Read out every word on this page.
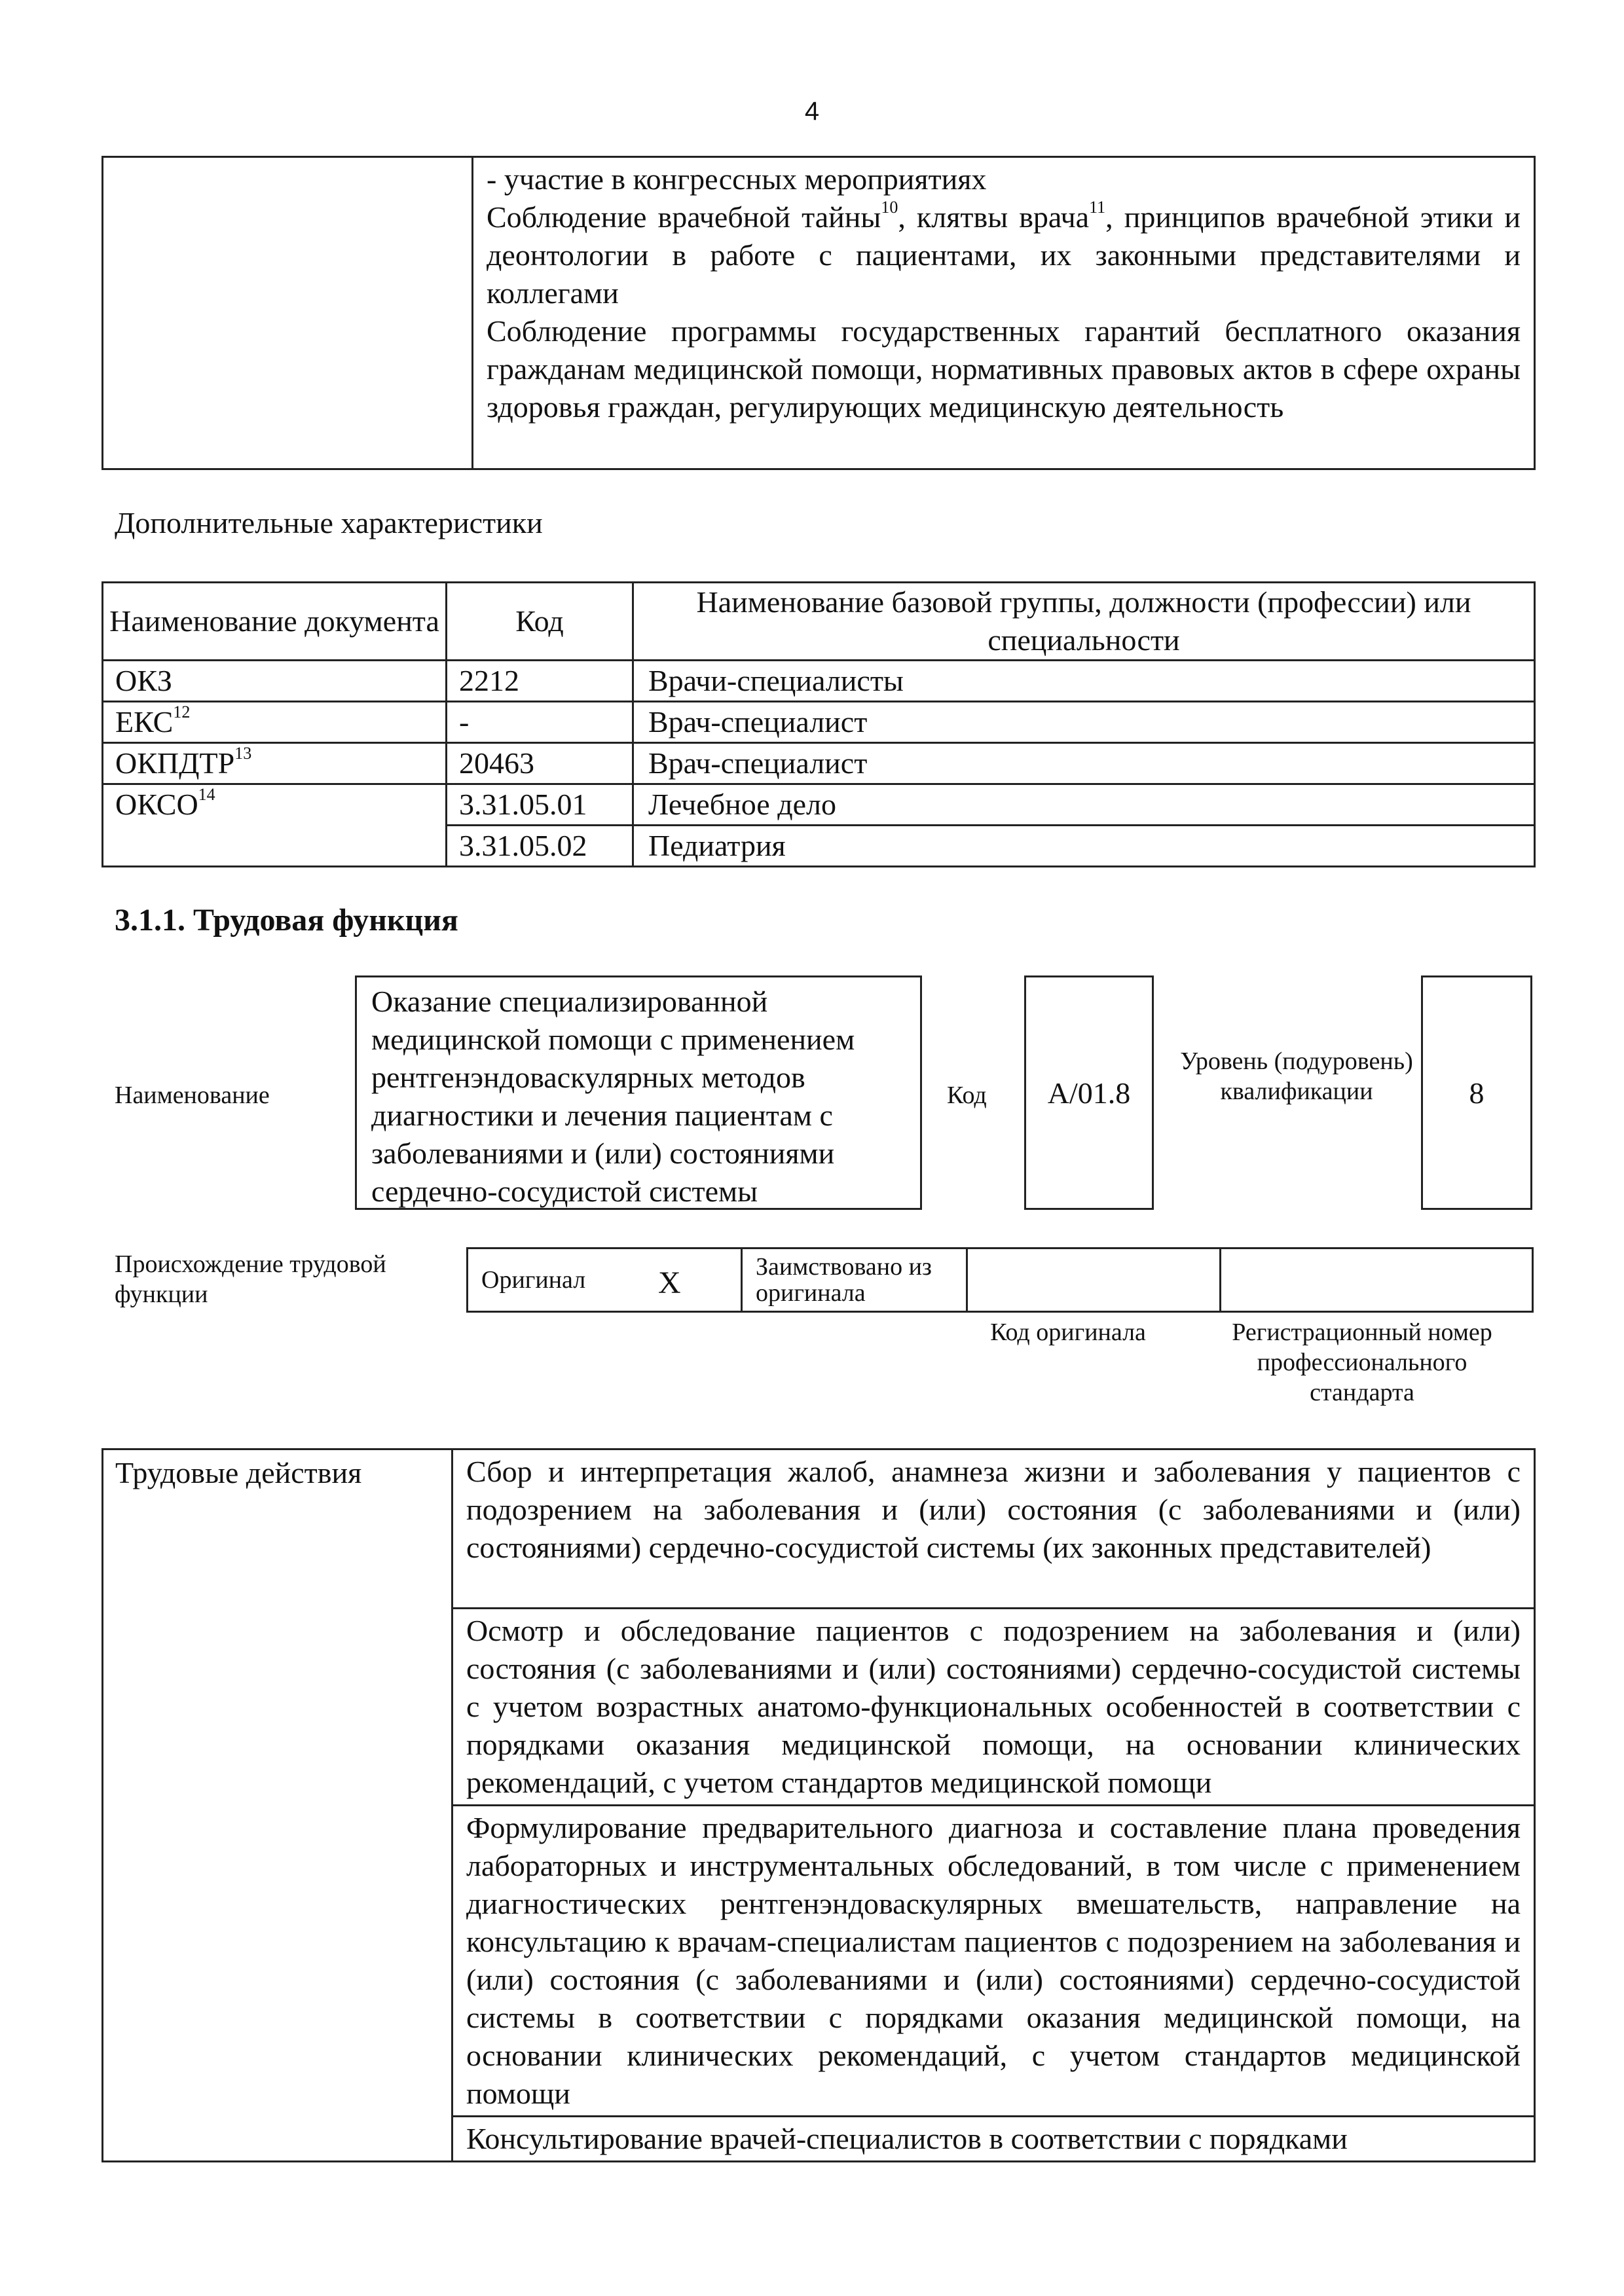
4

- участие в конгрессных мероприятиях
Соблюдение врачебной тайны$^{10}$, клятвы врача$^{11}$, принципов врачебной этики и деонтологии в работе с пациентами, их законными представителями и коллегами
Соблюдение программы государственных гарантий бесплатного оказания гражданам медицинской помощи, нормативных правовых актов в сфере охраны здоровья граждан, регулирующих медицинскую деятельность
Дополнительные характеристики
Наименование документа	Код	Наименование базовой группы, должности (профессии) или специальности
ОКЗ	2212	Врачи-специалисты
ЕКС$^{12}$	-	Врач-специалист
ОКПДТР$^{13}$	20463	Врач-специалист
ОКСО$^{14}$	3.31.05.01	Лечебное дело
	3.31.05.02	Педиатрия
3.1.1. Трудовая функция
Наименование
Оказание специализированной медицинской помощи с применением рентгенэндоваскулярных методов диагностики и лечения пациентам с заболеваниями и (или) состояниями сердечно-сосудистой системы
Код А/01.8
Уровень (подуровень) квалификации	8
Происхождение трудовой функции
Оригинал Х	Заимствовано из оригинала		
Код оригинала	Регистрационный номер профессионального стандарта
Трудовые действия	Сбор и интерпретация жалоб, анамнеза жизни и заболевания у пациентов с подозрением на заболевания и (или) состояния (с заболеваниями и (или) состояниями) сердечно-сосудистой системы (их законных представителей)
Осмотр и обследование пациентов с подозрением на заболевания и (или) состояния (с заболеваниями и (или) состояниями) сердечно-сосудистой системы с учетом возрастных анатомо-функциональных особенностей в соответствии с порядками оказания медицинской помощи, на основании клинических рекомендаций, с учетом стандартов медицинской помощи
Формулирование предварительного диагноза и составление плана проведения лабораторных и инструментальных обследований, в том числе с применением диагностических рентгенэндоваскулярных вмешательств, направление на консультацию к врачам-специалистам пациентов с подозрением на заболевания и (или) состояния (с заболеваниями и (или) состояниями) сердечно-сосудистой системы в соответствии с порядками оказания медицинской помощи, на основании клинических рекомендаций, с учетом стандартов медицинской помощи
Консультирование врачей-специалистов в соответствии с порядками
